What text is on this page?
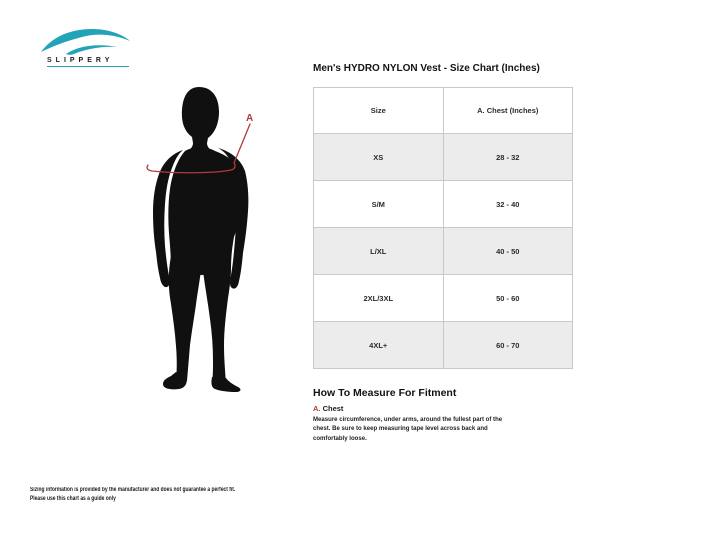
SLIPPERY
A
Men's HYDRO NYLON Vest - Size Chart (Inches)
Size	A. Chest (Inches)
XS	28 - 32
S/M	32 - 40
L/XL	40 - 50
2XL/3XL	50 - 60
4XL+	60 - 70
How To Measure For Fitment
A. Chest

Measure circumference, under arms, around the fullest part of the chest. Be sure to keep measuring tape level across back and comfortably loose.

Sizing information is provided by the manufacturer and does not guarantee a perfect fit.
Please use this chart as a guide only
